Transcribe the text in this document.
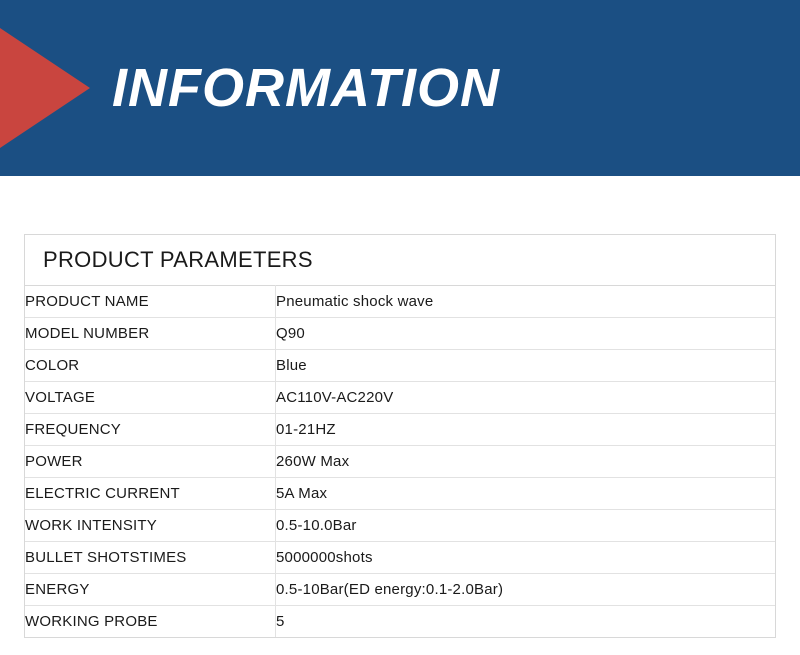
INFORMATION
PRODUCT PARAMETERS
PRODUCT NAME	Pneumatic shock wave
MODEL NUMBER	Q90
COLOR	Blue
VOLTAGE	AC110V-AC220V
FREQUENCY	01-21HZ
POWER	260W Max
ELECTRIC CURRENT	5A Max
WORK INTENSITY	0.5-10.0Bar
BULLET SHOTSTIMES	5000000shots
ENERGY	0.5-10Bar(ED energy:0.1-2.0Bar)
WORKING PROBE	5
